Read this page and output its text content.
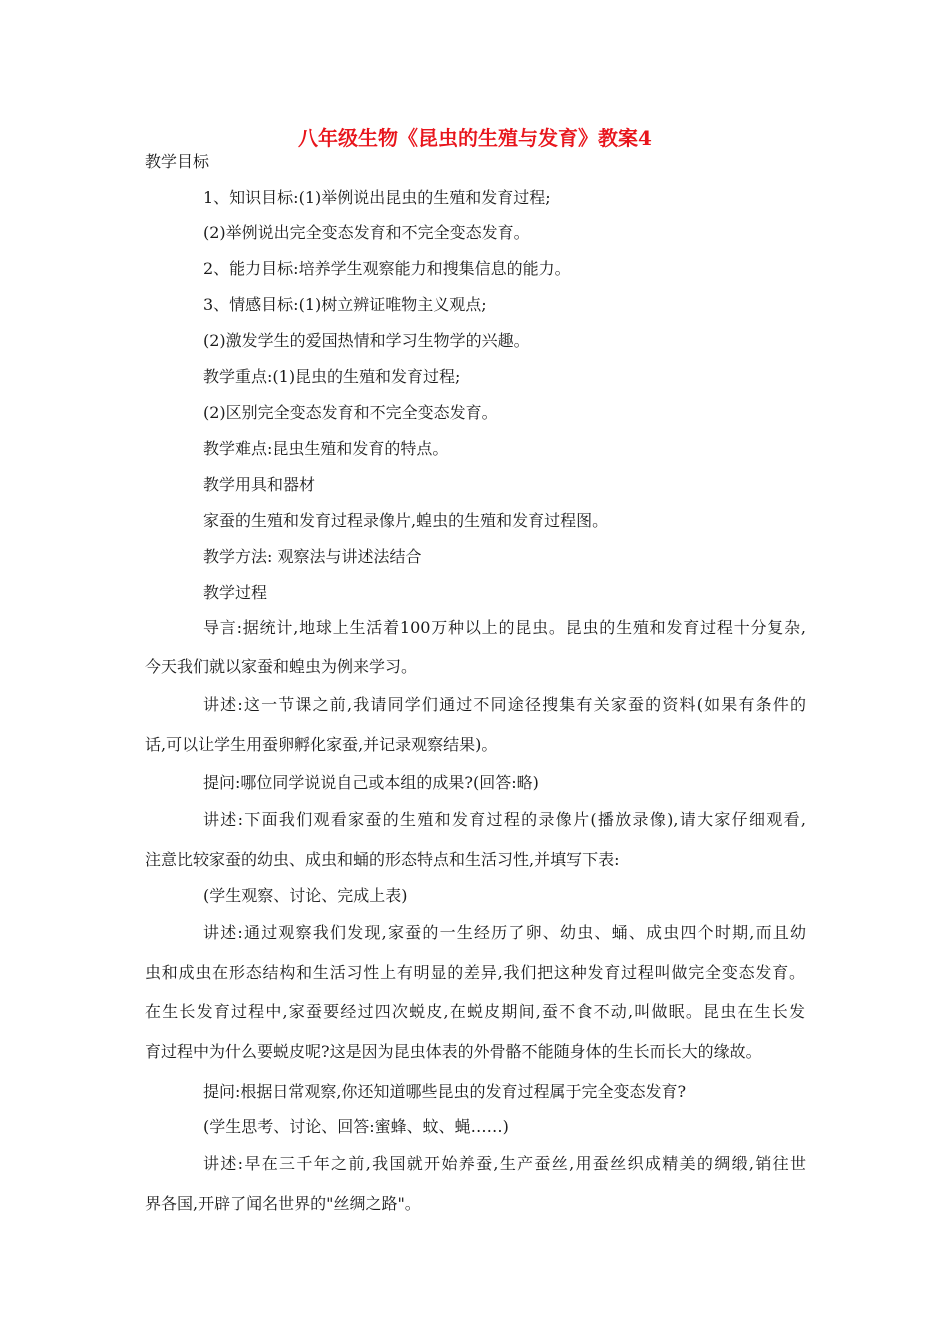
八年级生物《昆虫的生殖与发育》教案4
教学目标
1、知识目标:(1)举例说出昆虫的生殖和发育过程;
(2)举例说出完全变态发育和不完全变态发育。
2、能力目标:培养学生观察能力和搜集信息的能力。
3、情感目标:(1)树立辨证唯物主义观点;
(2)激发学生的爱国热情和学习生物学的兴趣。
教学重点:(1)昆虫的生殖和发育过程;
(2)区别完全变态发育和不完全变态发育。
教学难点:昆虫生殖和发育的特点。
教学用具和器材
家蚕的生殖和发育过程录像片,蝗虫的生殖和发育过程图。
教学方法: 观察法与讲述法结合
教学过程
导言:据统计,地球上生活着100万种以上的昆虫。昆虫的生殖和发育过程十分复杂,
今天我们就以家蚕和蝗虫为例来学习。
讲述:这一节课之前,我请同学们通过不同途径搜集有关家蚕的资料(如果有条件的
话,可以让学生用蚕卵孵化家蚕,并记录观察结果)。
提问:哪位同学说说自己或本组的成果?(回答:略)
讲述:下面我们观看家蚕的生殖和发育过程的录像片(播放录像),请大家仔细观看,
注意比较家蚕的幼虫、成虫和蛹的形态特点和生活习性,并填写下表:
(学生观察、讨论、完成上表)
讲述:通过观察我们发现,家蚕的一生经历了卵、幼虫、蛹、成虫四个时期,而且幼
虫和成虫在形态结构和生活习性上有明显的差异,我们把这种发育过程叫做完全变态发育。
在生长发育过程中,家蚕要经过四次蜕皮,在蜕皮期间,蚕不食不动,叫做眠。昆虫在生长发
育过程中为什么要蜕皮呢?这是因为昆虫体表的外骨骼不能随身体的生长而长大的缘故。
提问:根据日常观察,你还知道哪些昆虫的发育过程属于完全变态发育?
(学生思考、讨论、回答:蜜蜂、蚊、蝇……)
讲述:早在三千年之前,我国就开始养蚕,生产蚕丝,用蚕丝织成精美的绸缎,销往世
界各国,开辟了闻名世界的"丝绸之路"。
